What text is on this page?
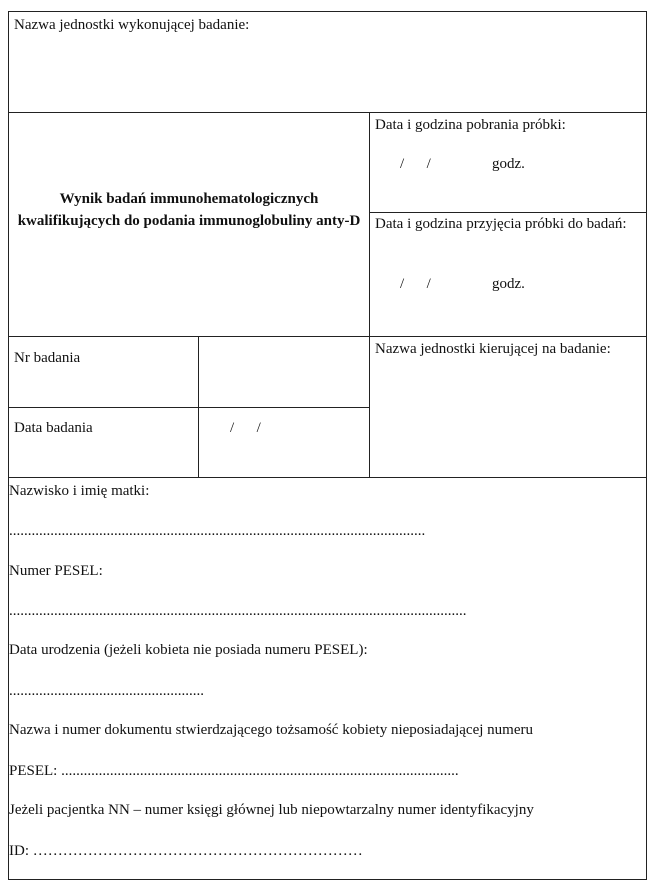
Nazwa jednostki wykonującej badanie:
Wynik badań immunohematologicznych kwalifikujących do podania immunoglobuliny anty-D
Data i godzina pobrania próbki:
/      /	godz.
Data i godzina przyjęcia próbki do badań:
/      /	godz.
Nr badania
Data badania	/      /
Nazwa jednostki kierującej na badanie:
Nazwisko i imię matki:
...............................................................................................................
Numer PESEL:
..........................................................................................................................
Data urodzenia (jeżeli kobieta nie posiada numeru PESEL):
....................................................
Nazwa i numer dokumentu stwierdzającego tożsamość kobiety nieposiadającej numeru
PESEL: ..........................................................................................................
Jeżeli pacjentka NN – numer księgi głównej lub niepowtarzalny numer identyfikacyjny
ID: …………………………………………………………
